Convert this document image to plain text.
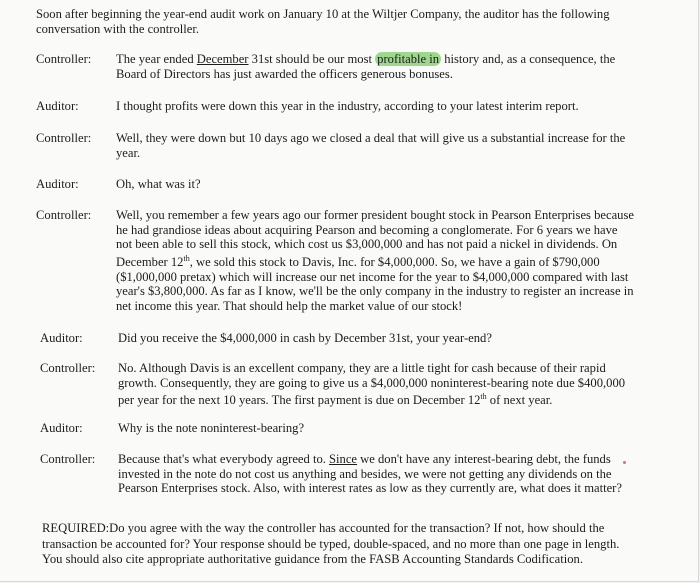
Soon after beginning the year-end audit work on January 10 at the Wiltjer Company, the auditor has the following conversation with the controller.
Controller: The year ended December 31st should be our most profitable in history and, as a consequence, the Board of Directors has just awarded the officers generous bonuses.
Auditor:	I thought profits were down this year in the industry, according to your latest interim report.
Controller: Well, they were down but 10 days ago we closed a deal that will give us a substantial increase for the year.
Auditor:	Oh, what was it?
Controller: Well, you remember a few years ago our former president bought stock in Pearson Enterprises because he had grandiose ideas about acquiring Pearson and becoming a conglomerate. For 6 years we have not been able to sell this stock, which cost us $3,000,000 and has not paid a nickel in dividends. On December 12th, we sold this stock to Davis, Inc. for $4,000,000. So, we have a gain of $790,000 ($1,000,000 pretax) which will increase our net income for the year to $4,000,000 compared with last year's $3,800,000. As far as I know, we'll be the only company in the industry to register an increase in net income this year. That should help the market value of our stock!
Auditor:	Did you receive the $4,000,000 in cash by December 31st, your year-end?
Controller: No. Although Davis is an excellent company, they are a little tight for cash because of their rapid growth. Consequently, they are going to give us a $4,000,000 noninterest-bearing note due $400,000 per year for the next 10 years. The first payment is due on December 12th of next year.
Auditor:	Why is the note noninterest-bearing?
Controller: Because that's what everybody agreed to. Since we don't have any interest-bearing debt, the funds invested in the note do not cost us anything and besides, we were not getting any dividends on the Pearson Enterprises stock. Also, with interest rates as low as they currently are, what does it matter?
REQUIRED:Do you agree with the way the controller has accounted for the transaction? If not, how should the transaction be accounted for? Your response should be typed, double-spaced, and no more than one page in length. You should also cite appropriate authoritative guidance from the FASB Accounting Standards Codification.
